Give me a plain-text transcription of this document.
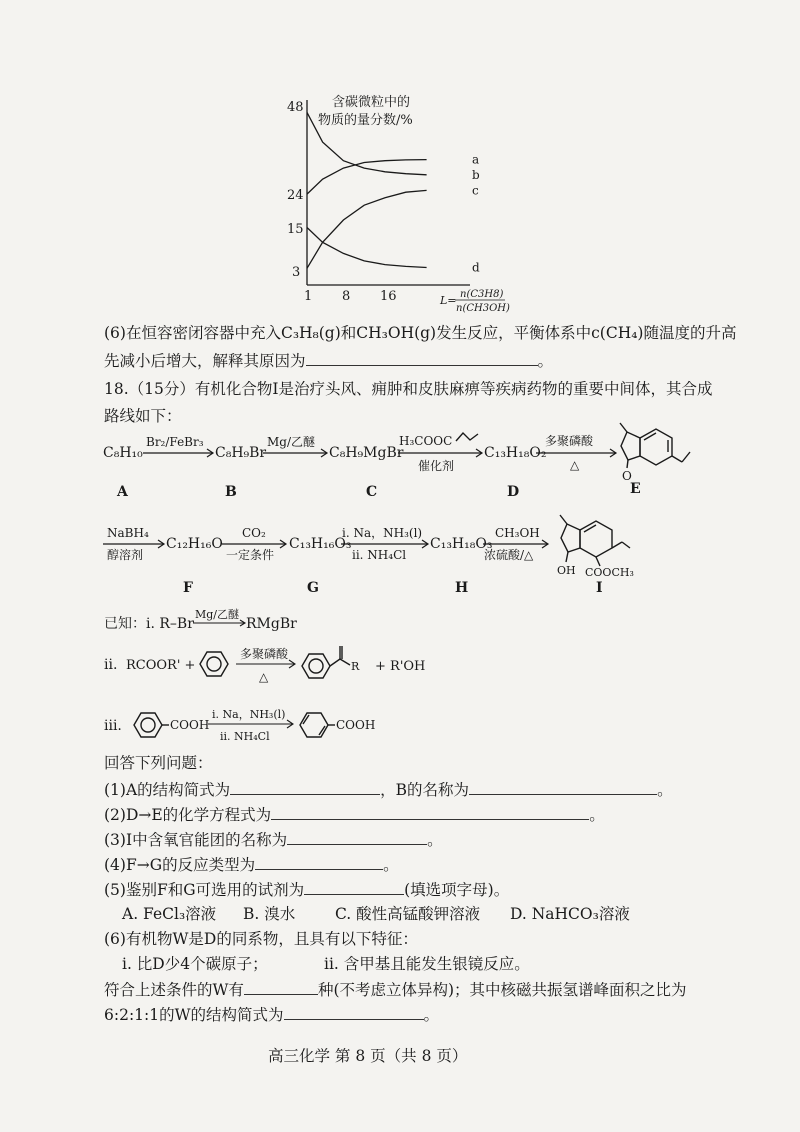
含碳微粒中的
物质的量分数/%
48
24
15
3
1 8 16	L= n(C3H8)
n(CH3OH)
a
b
c
d
(6)在恒容密闭容器中充入C₃H₈(g)和CH₃OH(g)发生反应，平衡体系中c(CH₄)随温度的升高
先减小后增大，解释其原因为	。
18.（15分）有机化合物I是治疗头风、痈肿和皮肤麻痹等疾病药物的重要中间体，其合成
路线如下：
C₈H₁₀
Br₂/FeBr₃
C₈H₉Br
Mg/乙醚
C₈H₉MgBr
H₃COOC
催化剂
C₁₃H₁₈O₂
多聚磷酸
△
O
A	B	C	D	E
NaBH₄
醇溶剂
C₁₂H₁₆O
CO₂
一定条件
C₁₃H₁₆O₃
i. Na，NH₃(l)
ii. NH₄Cl
C₁₃H₁₈O₃
CH₃OH
浓硫酸/△
OH COOCH₃
F	G	H	I
已知：i. R–Br
Mg/乙醚
RMgBr
ii. RCOOR' +
多聚磷酸
△
R + R'OH
iii.	COOH
i. Na，NH₃(l)
ii. NH₄Cl
COOH
回答下列问题：
(1)A的结构简式为	，B的名称为	。
(2)D→E的化学方程式为	。
(3)I中含氧官能团的名称为	。
(4)F→G的反应类型为	。
(5)鉴别F和G可选用的试剂为	(填选项字母)。
A. FeCl₃溶液 B. 溴水	C. 酸性高锰酸钾溶液 D. NaHCO₃溶液
(6)有机物W是D的同系物，且具有以下特征：
i. 比D少4个碳原子；	ii. 含甲基且能发生银镜反应。
符合上述条件的W有	种(不考虑立体异构)；其中核磁共振氢谱峰面积之比为
6:2:1:1的W的结构简式为	。
高三化学 第 8 页（共 8 页）
